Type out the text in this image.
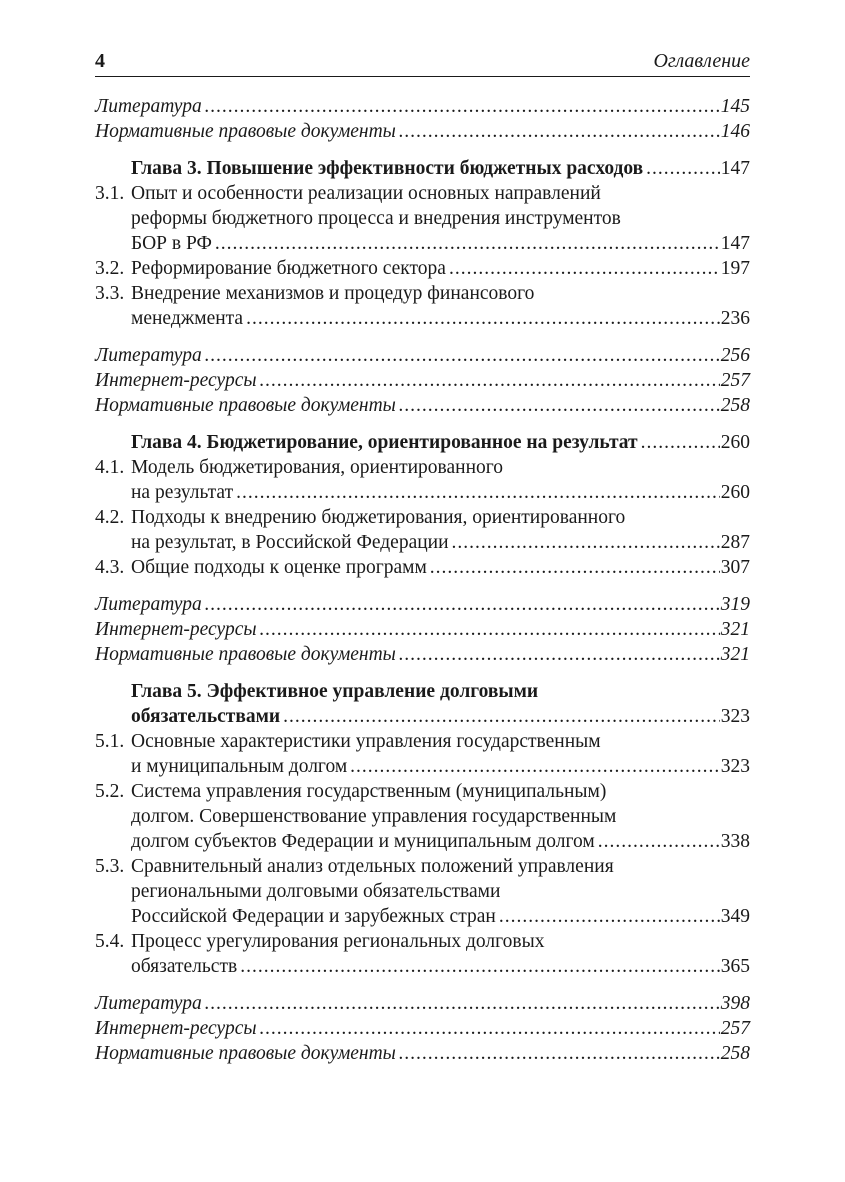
4	Оглавление
Литература .....	145
Нормативные правовые документы .....	146
Глава 3. Повышение эффективности бюджетных расходов .....	147
3.1. Опыт и особенности реализации основных направлений
реформы бюджетного процесса и внедрения инструментов
БОР в РФ .....	147
3.2. Реформирование бюджетного сектора .....	197
3.3. Внедрение механизмов и процедур финансового
менеджмента .....	236
Литература .....	256
Интернет-ресурсы .....	257
Нормативные правовые документы .....	258
Глава 4. Бюджетирование, ориентированное на результат .....	260
4.1. Модель бюджетирования, ориентированного
на результат .....	260
4.2. Подходы к внедрению бюджетирования, ориентированного
на результат, в Российской Федерации .....	287
4.3. Общие подходы к оценке программ .....	307
Литература .....	319
Интернет-ресурсы .....	321
Нормативные правовые документы .....	321
Глава 5. Эффективное управление долговыми
обязательствами .....	323
5.1. Основные характеристики управления государственным
и муниципальным долгом .....	323
5.2. Система управления государственным (муниципальным)
долгом. Совершенствование управления государственным
долгом субъектов Федерации и муниципальным долгом .....	338
5.3. Сравнительный анализ отдельных положений управления
региональными долговыми обязательствами
Российской Федерации и зарубежных стран .....	349
5.4. Процесс урегулирования региональных долговых
обязательств .....	365
Литература .....	398
Интернет-ресурсы .....	257
Нормативные правовые документы .....	258
